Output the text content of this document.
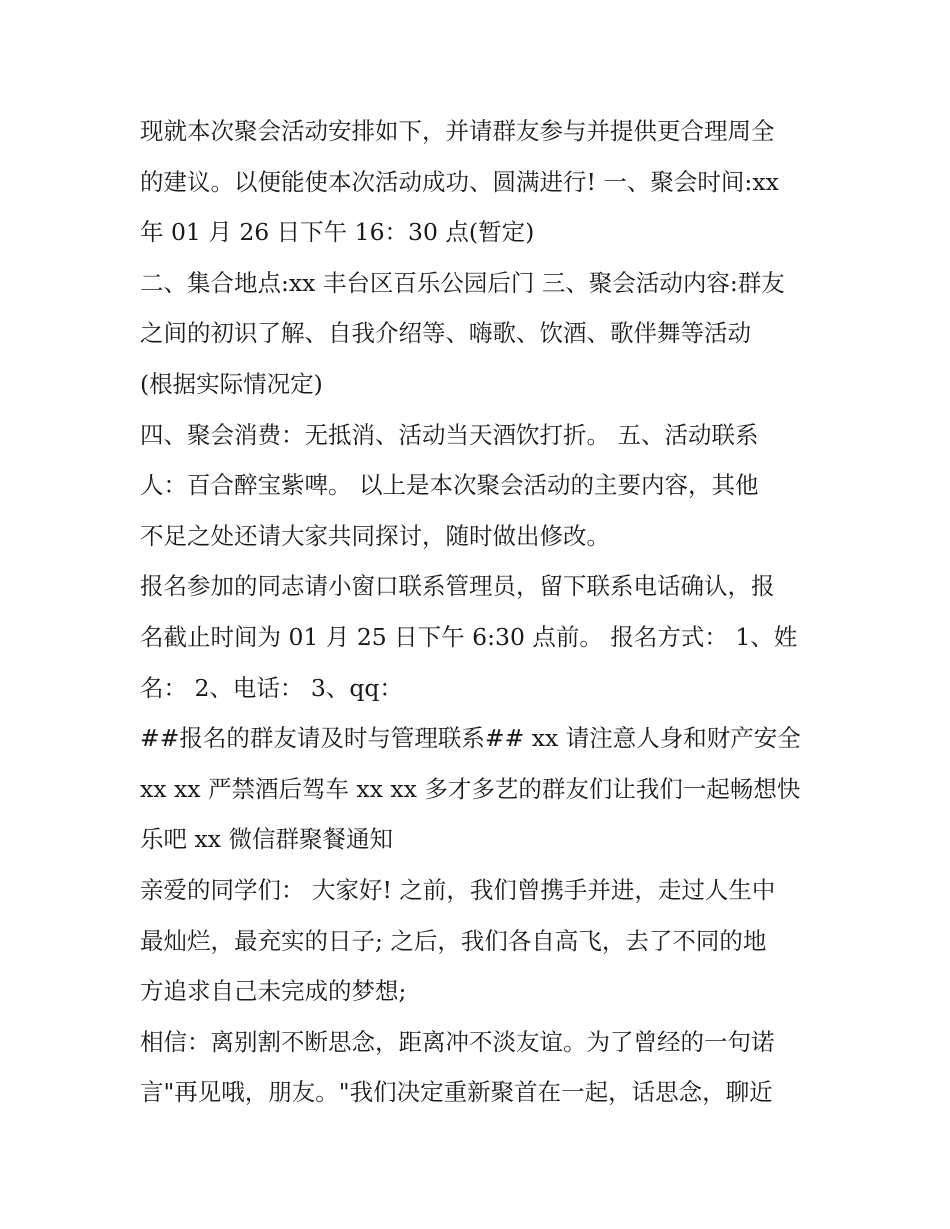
现就本次聚会活动安排如下，并请群友参与并提供更合理周全
的建议。以便能使本次活动成功、圆满进行! 一、聚会时间:xx
年 01 月 26 日下午 16：30 点(暂定)
二、集合地点:xx 丰台区百乐公园后门 三、聚会活动内容:群友
之间的初识了解、自我介绍等、嗨歌、饮酒、歌伴舞等活动
(根据实际情况定)
四、聚会消费：无抵消、活动当天酒饮打折。 五、活动联系
人：百合醉宝紫啤。 以上是本次聚会活动的主要内容，其他
不足之处还请大家共同探讨，随时做出修改。
报名参加的同志请小窗口联系管理员，留下联系电话确认，报
名截止时间为 01 月 25 日下午 6:30 点前。 报名方式： 1、姓
名： 2、电话： 3、qq：
##报名的群友请及时与管理联系## xx 请注意人身和财产安全
xx xx 严禁酒后驾车 xx xx 多才多艺的群友们让我们一起畅想快
乐吧 xx 微信群聚餐通知
亲爱的同学们： 大家好! 之前，我们曾携手并进，走过人生中
最灿烂，最充实的日子; 之后，我们各自高飞，去了不同的地
方追求自己未完成的梦想;
相信：离别割不断思念，距离冲不淡友谊。为了曾经的一句诺
言"再见哦，朋友。"我们决定重新聚首在一起，话思念，聊近
